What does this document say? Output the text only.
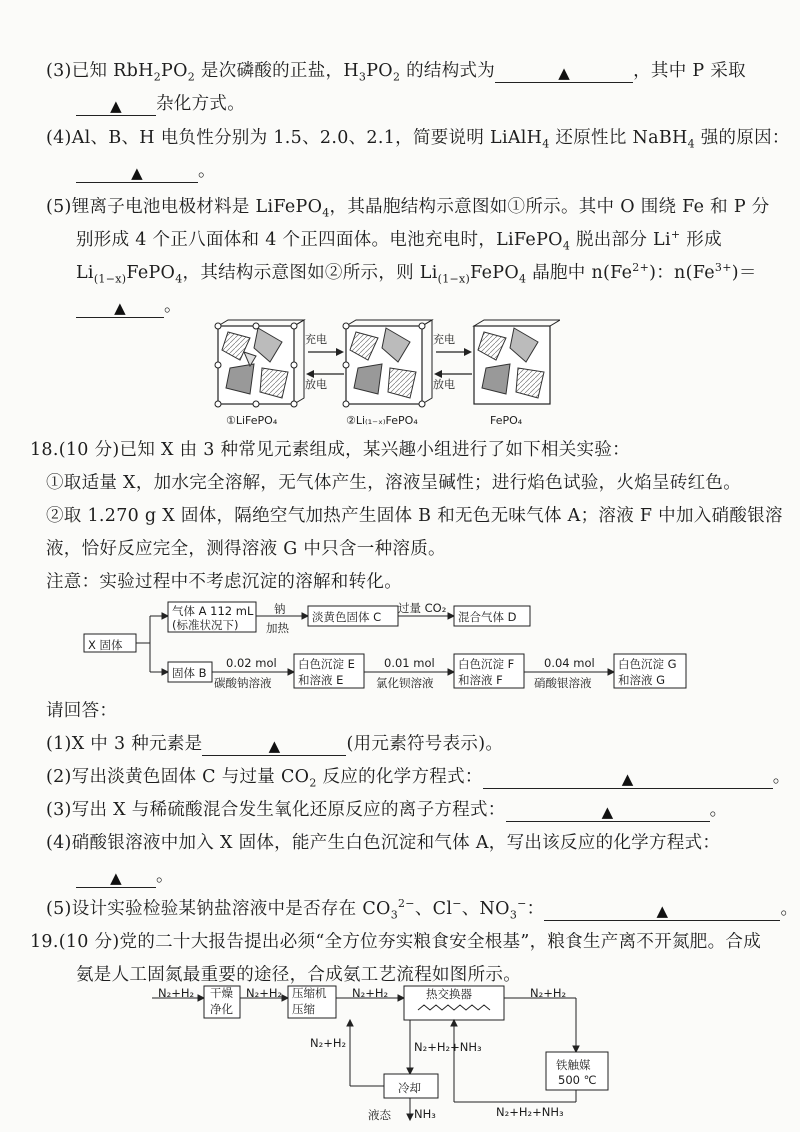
(3)已知 $RbH_2PO_2$ 是次磷酸的正盐，$H_3PO_2$ 的结构式为	▲	，其中 P 采取
▲ 杂化方式。
(4)Al、B、H 电负性分别为 1.5、2.0、2.1，简要说明 LiAlH$_4$ 还原性比 NaBH$_4$ 强的原因：
▲	。
(5)锂离子电池电极材料是 LiFePO$_4$，其晶胞结构示意图如①所示。其中 O 围绕 Fe 和 P 分
别形成 4 个正八面体和 4 个正四面体。电池充电时，LiFePO$_4$ 脱出部分 Li+ 形成
$Li_{(1-x)}FePO_4$，其结构示意图如②所示，则 $Li_{(1-x)}FePO_4$ 晶胞中 $n(Fe^{2+})$：$n(Fe^{3+})=$
▲ 。
充电
放电
充电
放电
①LiFePO₄	②Li₍₁₋ₓ₎FePO₄	FePO₄
18.(10 分)已知 X 由 3 种常见元素组成，某兴趣小组进行了如下相关实验：
①取适量 X，加水完全溶解，无气体产生，溶液呈碱性；进行焰色试验，火焰呈砖红色。
②取 1.270 g X 固体，隔绝空气加热产生固体 B 和无色无味气体 A；溶液 F 中加入硝酸银溶
液，恰好反应完全，测得溶液 G 中只含一种溶质。
注意：实验过程中不考虑沉淀的溶解和转化。
X 固体
气体 A 112 mL
(标准状况下)
钠
加热
淡黄色固体 C
过量 CO₂
混合气体 D
固体 B
0.02 mol
碳酸钠溶液
白色沉淀 E
和溶液 E
0.01 mol
氯化钡溶液
白色沉淀 F
和溶液 F
0.04 mol
硝酸银溶液
白色沉淀 G
和溶液 G
请回答：
(1)X 中 3 种元素是	▲	(用元素符号表示)。
(2)写出淡黄色固体 C 与过量 $CO_2$ 反应的化学方程式：	▲	。
(3)写出 X 与稀硫酸混合发生氧化还原反应的离子方程式：	▲	。
(4)硝酸银溶液中加入 X 固体，能产生白色沉淀和气体 A，写出该反应的化学方程式：
▲ 。
(5)设计实验检验某钠盐溶液中是否存在 $CO_3^{2-}$、Cl−、$NO_3^-$：	▲	。
19.(10 分)党的二十大报告提出必须“全方位夯实粮食安全根基”，粮食生产离不开氮肥。合成
氨是人工固氮最重要的途径，合成氨工艺流程如图所示。
N₂+H₂ 干燥
净化
N₂+H₂ 压缩机
压缩
N₂+H₂	热交换器	N₂+H₂
铁触媒
500 ℃
N₂+H₂	N₂+H₂+NH₃
冷却
液态 NH₃	N₂+H₂+NH₃
